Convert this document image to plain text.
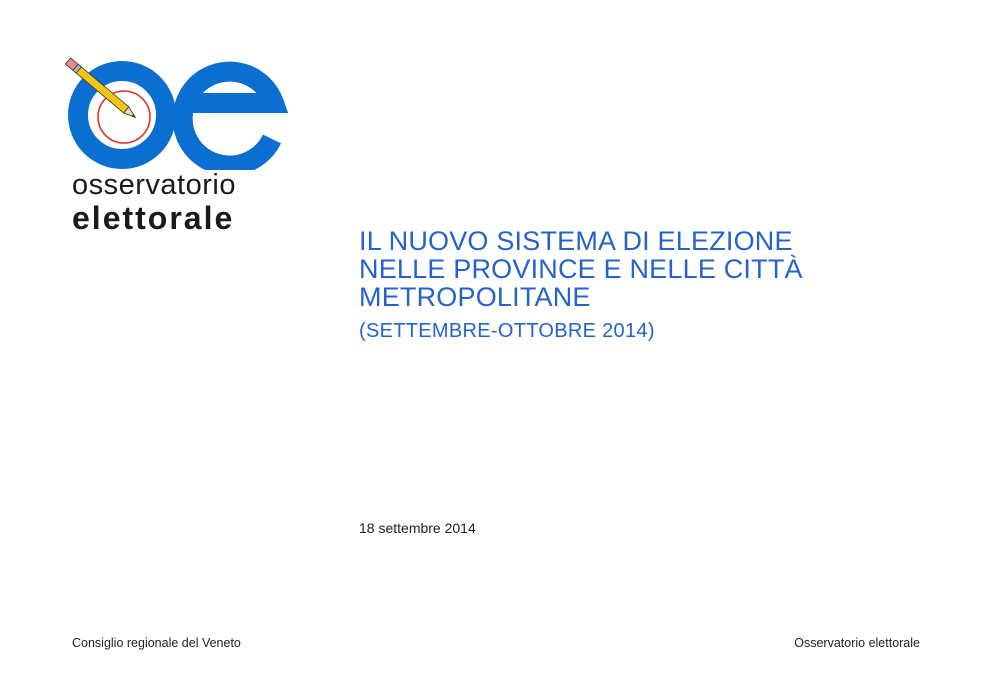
osservatorio
elettorale
IL NUOVO SISTEMA DI ELEZIONE
NELLE PROVINCE E NELLE CITTÀ
METROPOLITANE
(SETTEMBRE-OTTOBRE 2014)
18 settembre 2014
Consiglio regionale del Veneto	Osservatorio elettorale
